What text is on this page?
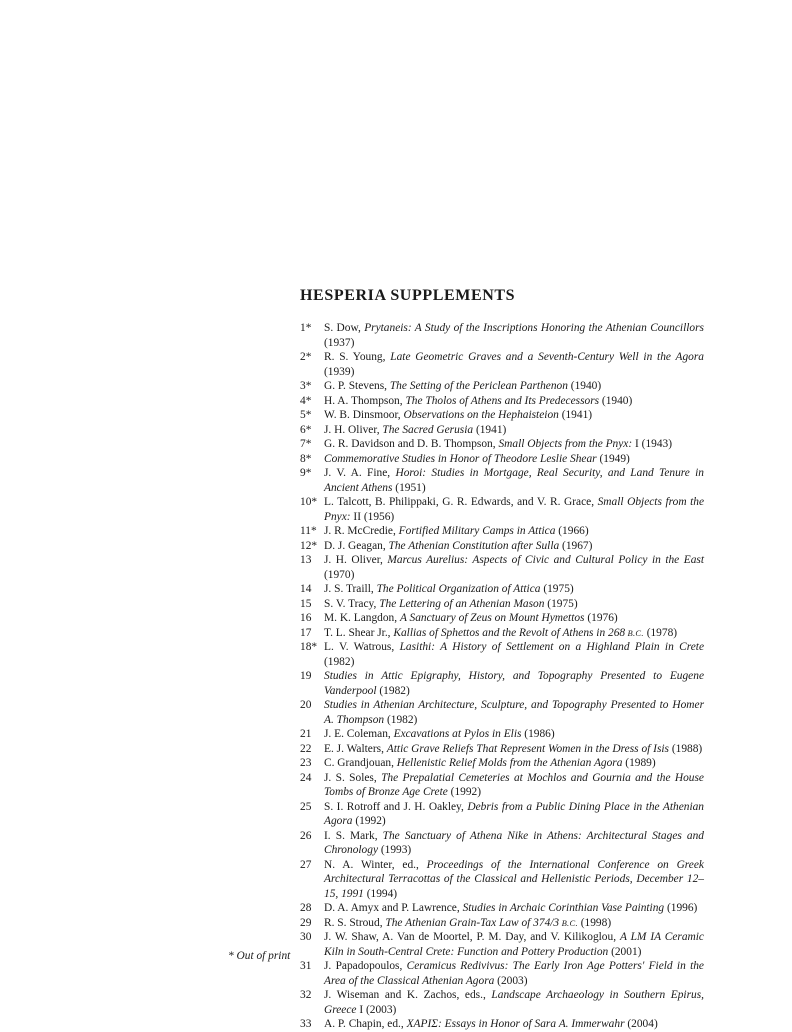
HESPERIA SUPPLEMENTS
1*	S. Dow, Prytaneis: A Study of the Inscriptions Honoring the Athenian Councillors (1937)
2*	R. S. Young, Late Geometric Graves and a Seventh-Century Well in the Agora (1939)
3*	G. P. Stevens, The Setting of the Periclean Parthenon (1940)
4*	H. A. Thompson, The Tholos of Athens and Its Predecessors (1940)
5*	W. B. Dinsmoor, Observations on the Hephaisteion (1941)
6*	J. H. Oliver, The Sacred Gerusia (1941)
7*	G. R. Davidson and D. B. Thompson, Small Objects from the Pnyx: I (1943)
8*	Commemorative Studies in Honor of Theodore Leslie Shear (1949)
9*	J. V. A. Fine, Horoi: Studies in Mortgage, Real Security, and Land Tenure in Ancient Athens (1951)
10* L. Talcott, B. Philippaki, G. R. Edwards, and V. R. Grace, Small Objects from the Pnyx: II (1956)
11* J. R. McCredie, Fortified Military Camps in Attica (1966)
12* D. J. Geagan, The Athenian Constitution after Sulla (1967)
13	J. H. Oliver, Marcus Aurelius: Aspects of Civic and Cultural Policy in the East (1970)
14	J. S. Traill, The Political Organization of Attica (1975)
15	S. V. Tracy, The Lettering of an Athenian Mason (1975)
16	M. K. Langdon, A Sanctuary of Zeus on Mount Hymettos (1976)
17	T. L. Shear Jr., Kallias of Sphettos and the Revolt of Athens in 268 B.C. (1978)
18* L. V. Watrous, Lasithi: A History of Settlement on a Highland Plain in Crete (1982)
19	Studies in Attic Epigraphy, History, and Topography Presented to Eugene Vanderpool (1982)
20	Studies in Athenian Architecture, Sculpture, and Topography Presented to Homer A. Thompson (1982)
21	J. E. Coleman, Excavations at Pylos in Elis (1986)
22	E. J. Walters, Attic Grave Reliefs That Represent Women in the Dress of Isis (1988)
23	C. Grandjouan, Hellenistic Relief Molds from the Athenian Agora (1989)
24	J. S. Soles, The Prepalatial Cemeteries at Mochlos and Gournia and the House Tombs of Bronze Age Crete (1992)
25	S. I. Rotroff and J. H. Oakley, Debris from a Public Dining Place in the Athenian Agora (1992)
26	I. S. Mark, The Sanctuary of Athena Nike in Athens: Architectural Stages and Chronology (1993)
27	N. A. Winter, ed., Proceedings of the International Conference on Greek Architectural Terracottas of the Classical and Hellenistic Periods, December 12–15, 1991 (1994)
28	D. A. Amyx and P. Lawrence, Studies in Archaic Corinthian Vase Painting (1996)
29	R. S. Stroud, The Athenian Grain-Tax Law of 374/3 B.C. (1998)
30	J. W. Shaw, A. Van de Moortel, P. M. Day, and V. Kilikoglou, A LM IA Ceramic Kiln in South-Central Crete: Function and Pottery Production (2001)
31	J. Papadopoulos, Ceramicus Redivivus: The Early Iron Age Potters' Field in the Area of the Classical Athenian Agora (2003)
32	J. Wiseman and K. Zachos, eds., Landscape Archaeology in Southern Epirus, Greece I (2003)
33	A. P. Chapin, ed., ΧΑΡΙΣ: Essays in Honor of Sara A. Immerwahr (2004)
* Out of print
